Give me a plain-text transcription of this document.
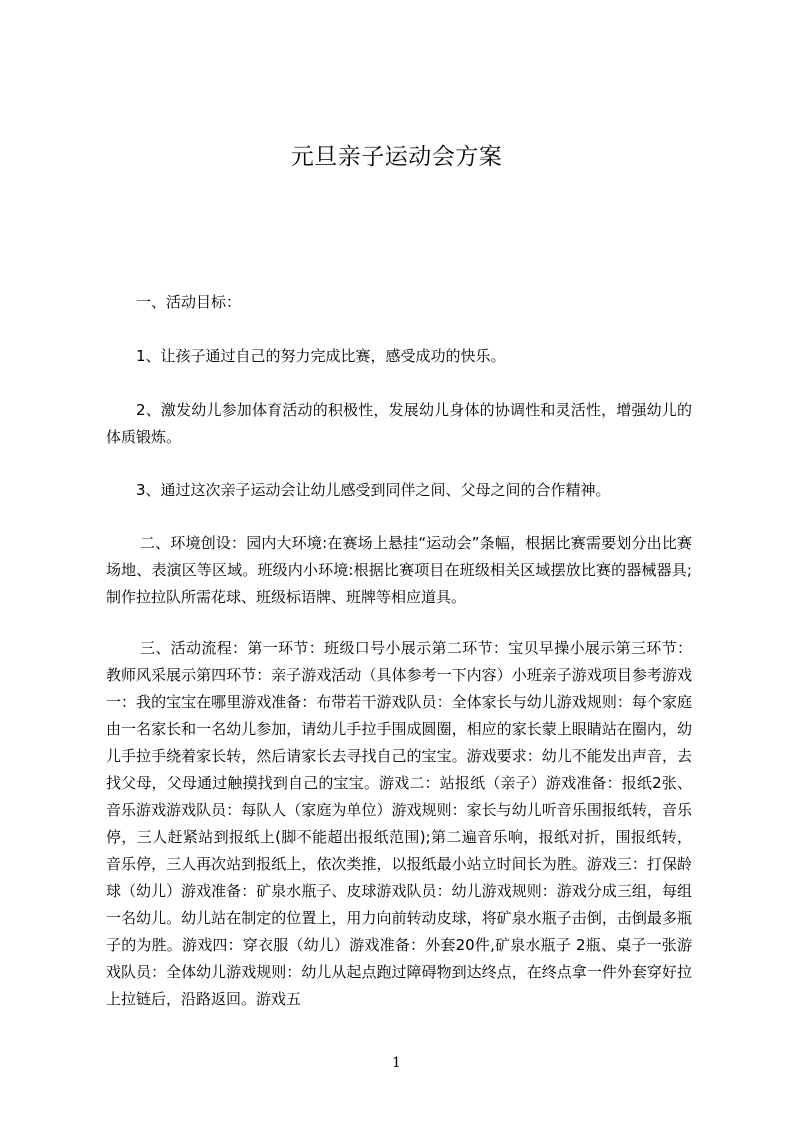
元旦亲子运动会方案
一、活动目标：
1、让孩子通过自己的努力完成比赛，感受成功的快乐。
2、激发幼儿参加体育活动的积极性，发展幼儿身体的协调性和灵活性，增强幼儿的体质锻炼。
3、通过这次亲子运动会让幼儿感受到同伴之间、父母之间的合作精神。
二、环境创设：园内大环境:在赛场上悬挂“运动会”条幅，根据比赛需要划分出比赛场地、表演区等区域。班级内小环境:根据比赛项目在班级相关区域摆放比赛的器械器具;制作拉拉队所需花球、班级标语牌、班牌等相应道具。
三、活动流程：第一环节：班级口号小展示第二环节：宝贝早操小展示第三环节：教师风采展示第四环节：亲子游戏活动（具体参考一下内容）小班亲子游戏项目参考游戏一：我的宝宝在哪里游戏准备：布带若干游戏队员：全体家长与幼儿游戏规则：每个家庭由一名家长和一名幼儿参加，请幼儿手拉手围成圆圈，相应的家长蒙上眼睛站在圈内，幼儿手拉手绕着家长转，然后请家长去寻找自己的宝宝。游戏要求：幼儿不能发出声音，去找父母，父母通过触摸找到自己的宝宝。游戏二：站报纸（亲子）游戏准备：报纸2张、音乐游戏游戏队员：每队人（家庭为单位）游戏规则：家长与幼儿听音乐围报纸转，音乐停，三人赶紧站到报纸上(脚不能超出报纸范围);第二遍音乐响，报纸对折，围报纸转，音乐停，三人再次站到报纸上，依次类推，以报纸最小站立时间长为胜。游戏三：打保龄球（幼儿）游戏准备：矿泉水瓶子、皮球游戏队员：幼儿游戏规则：游戏分成三组，每组一名幼儿。幼儿站在制定的位置上，用力向前转动皮球，将矿泉水瓶子击倒，击倒最多瓶子的为胜。游戏四：穿衣服（幼儿）游戏准备：外套20件,矿泉水瓶子 2瓶、桌子一张游戏队员：全体幼儿游戏规则：幼儿从起点跑过障碍物到达终点，在终点拿一件外套穿好拉上拉链后，沿路返回。游戏五
1
